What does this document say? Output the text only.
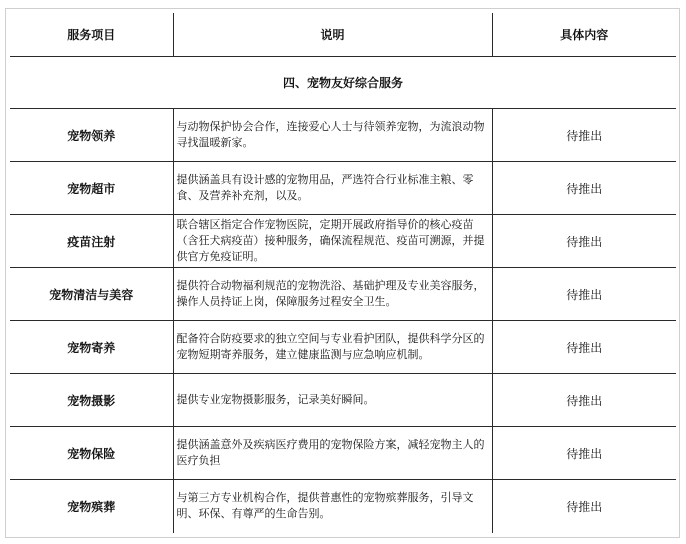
服务项目	说明	具体内容
四、宠物友好综合服务		
宠物领养	与动物保护协会合作，连接爱心人士与待领养宠物，为流浪动物寻找温暖新家。	待推出
宠物超市	提供涵盖具有设计感的宠物用品，严选符合行业标准主粮、零食、及营养补充剂，以及。	待推出
疫苗注射	联合辖区指定合作宠物医院，定期开展政府指导价的核心疫苗（含狂犬病疫苗）接种服务，确保流程规范、疫苗可溯源，并提供官方免疫证明。	待推出
宠物清洁与美容	提供符合动物福利规范的宠物洗浴、基础护理及专业美容服务，操作人员持证上岗，保障服务过程安全卫生。	待推出
宠物寄养	配备符合防疫要求的独立空间与专业看护团队，提供科学分区的宠物短期寄养服务，建立健康监测与应急响应机制。	待推出
宠物摄影	提供专业宠物摄影服务，记录美好瞬间。	待推出
宠物保险	提供涵盖意外及疾病医疗费用的宠物保险方案，减轻宠物主人的医疗负担	待推出
宠物殡葬	与第三方专业机构合作，提供普惠性的宠物殡葬服务，引导文明、环保、有尊严的生命告别。	待推出
